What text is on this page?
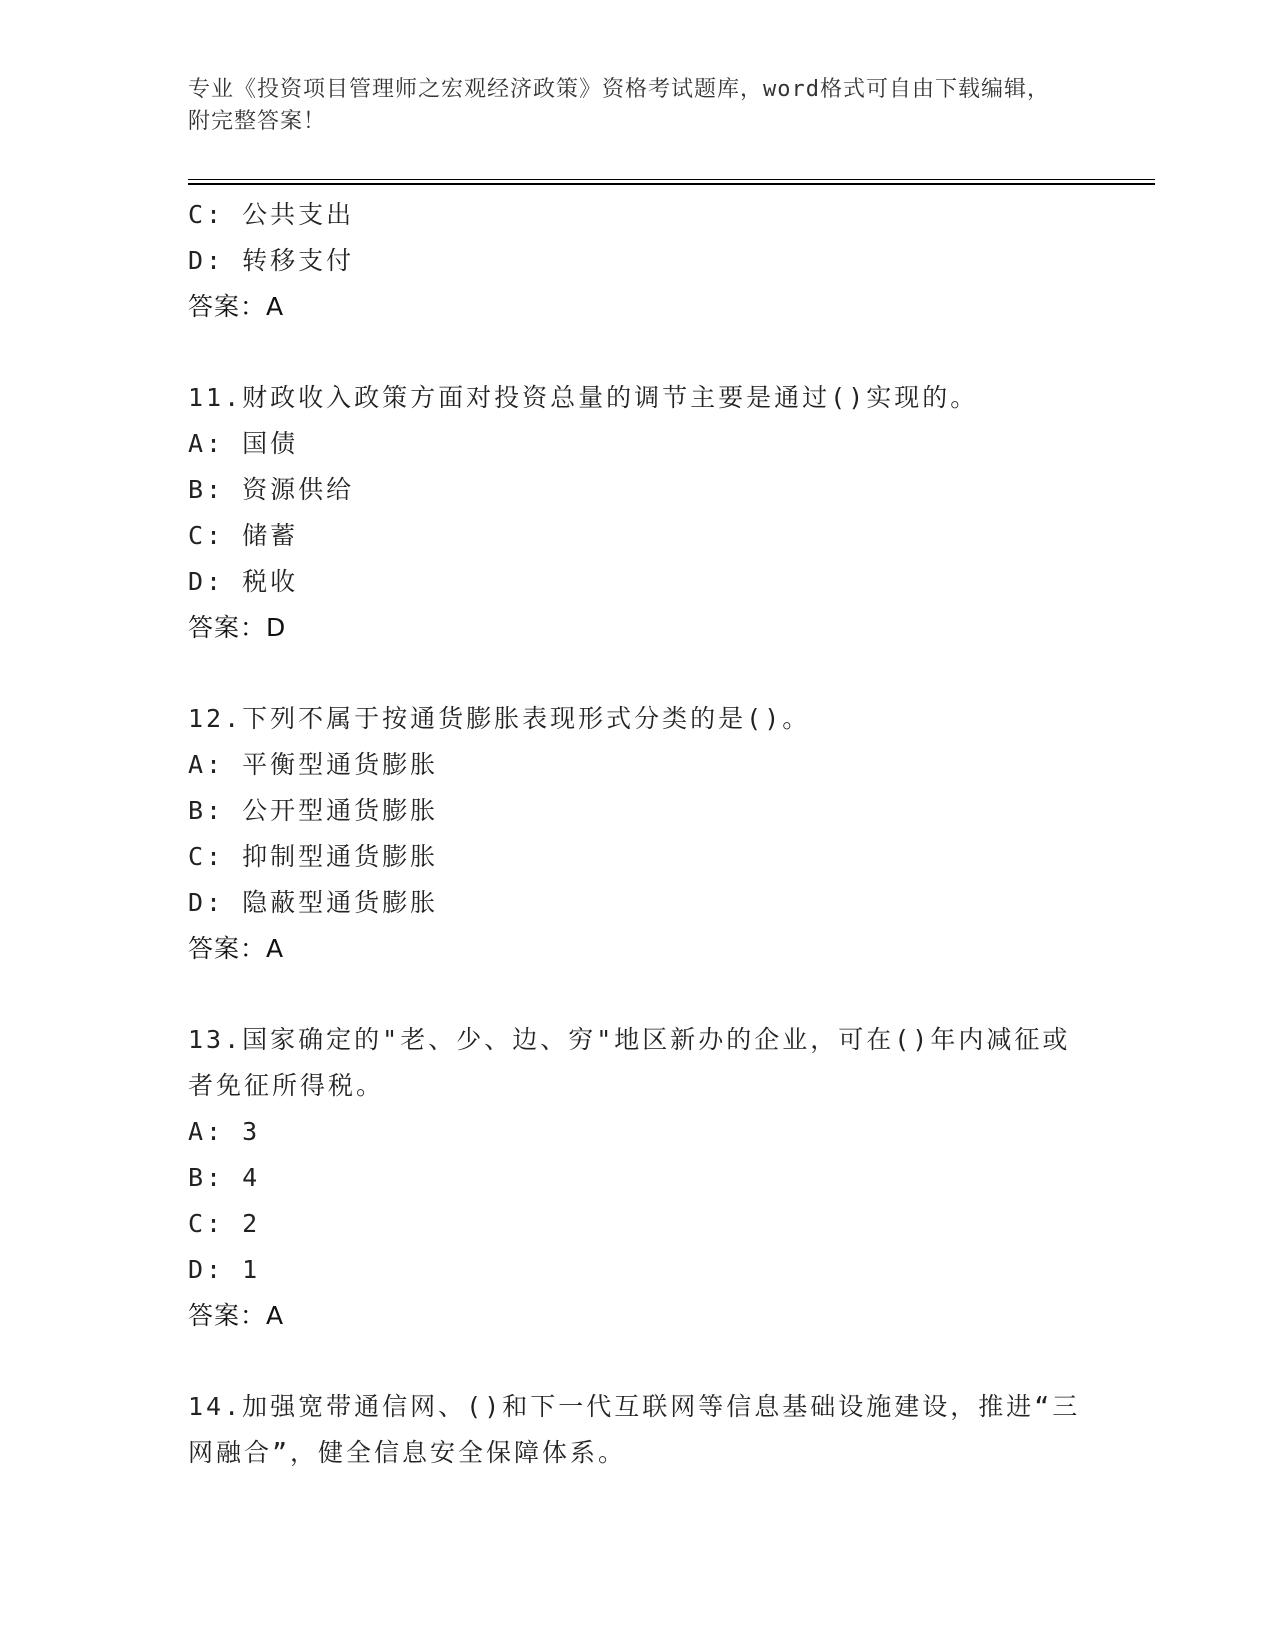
专业《投资项目管理师之宏观经济政策》资格考试题库，word格式可自由下载编辑，附完整答案！
C: 公共支出
D: 转移支付
答案：A
11.财政收入政策方面对投资总量的调节主要是通过()实现的。
A: 国债
B: 资源供给
C: 储蓄
D: 税收
答案：D
12.下列不属于按通货膨胀表现形式分类的是()。
A: 平衡型通货膨胀
B: 公开型通货膨胀
C: 抑制型通货膨胀
D: 隐蔽型通货膨胀
答案：A
13.国家确定的"老、少、边、穷"地区新办的企业，可在()年内减征或者免征所得税。
A: 3
B: 4
C: 2
D: 1
答案：A
14.加强宽带通信网、()和下一代互联网等信息基础设施建设，推进“三网融合”，健全信息安全保障体系。
